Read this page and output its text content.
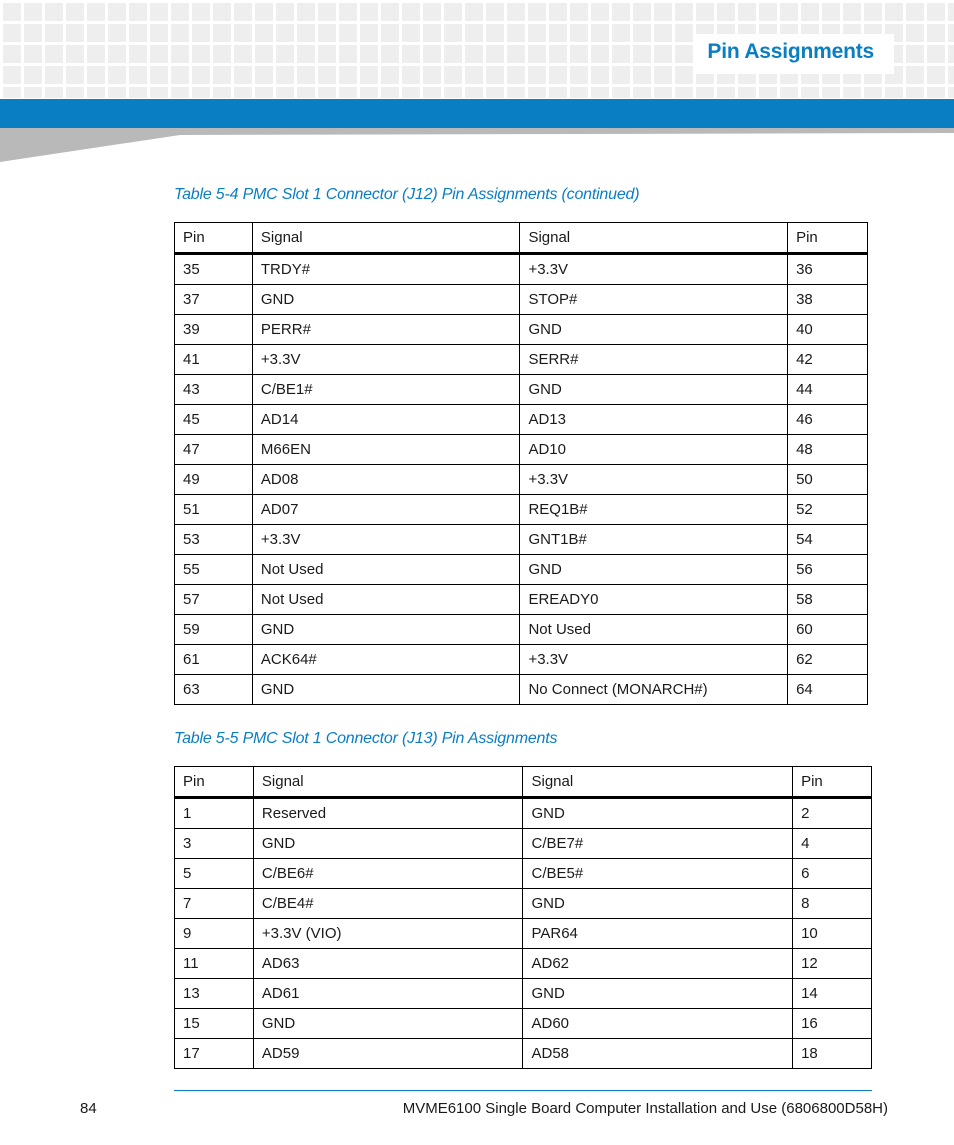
Pin Assignments
Table 5-4 PMC Slot 1 Connector (J12) Pin Assignments (continued)
Pin	Signal	Signal	Pin
35	TRDY#	+3.3V	36
37	GND	STOP#	38
39	PERR#	GND	40
41	+3.3V	SERR#	42
43	C/BE1#	GND	44
45	AD14	AD13	46
47	M66EN	AD10	48
49	AD08	+3.3V	50
51	AD07	REQ1B#	52
53	+3.3V	GNT1B#	54
55	Not Used	GND	56
57	Not Used	EREADY0	58
59	GND	Not Used	60
61	ACK64#	+3.3V	62
63	GND	No Connect (MONARCH#)	64
Table 5-5 PMC Slot 1 Connector (J13) Pin Assignments
Pin	Signal	Signal	Pin
1	Reserved	GND	2
3	GND	C/BE7#	4
5	C/BE6#	C/BE5#	6
7	C/BE4#	GND	8
9	+3.3V (VIO)	PAR64	10
11	AD63	AD62	12
13	AD61	GND	14
15	GND	AD60	16
17	AD59	AD58	18
84	MVME6100 Single Board Computer Installation and Use (6806800D58H)
